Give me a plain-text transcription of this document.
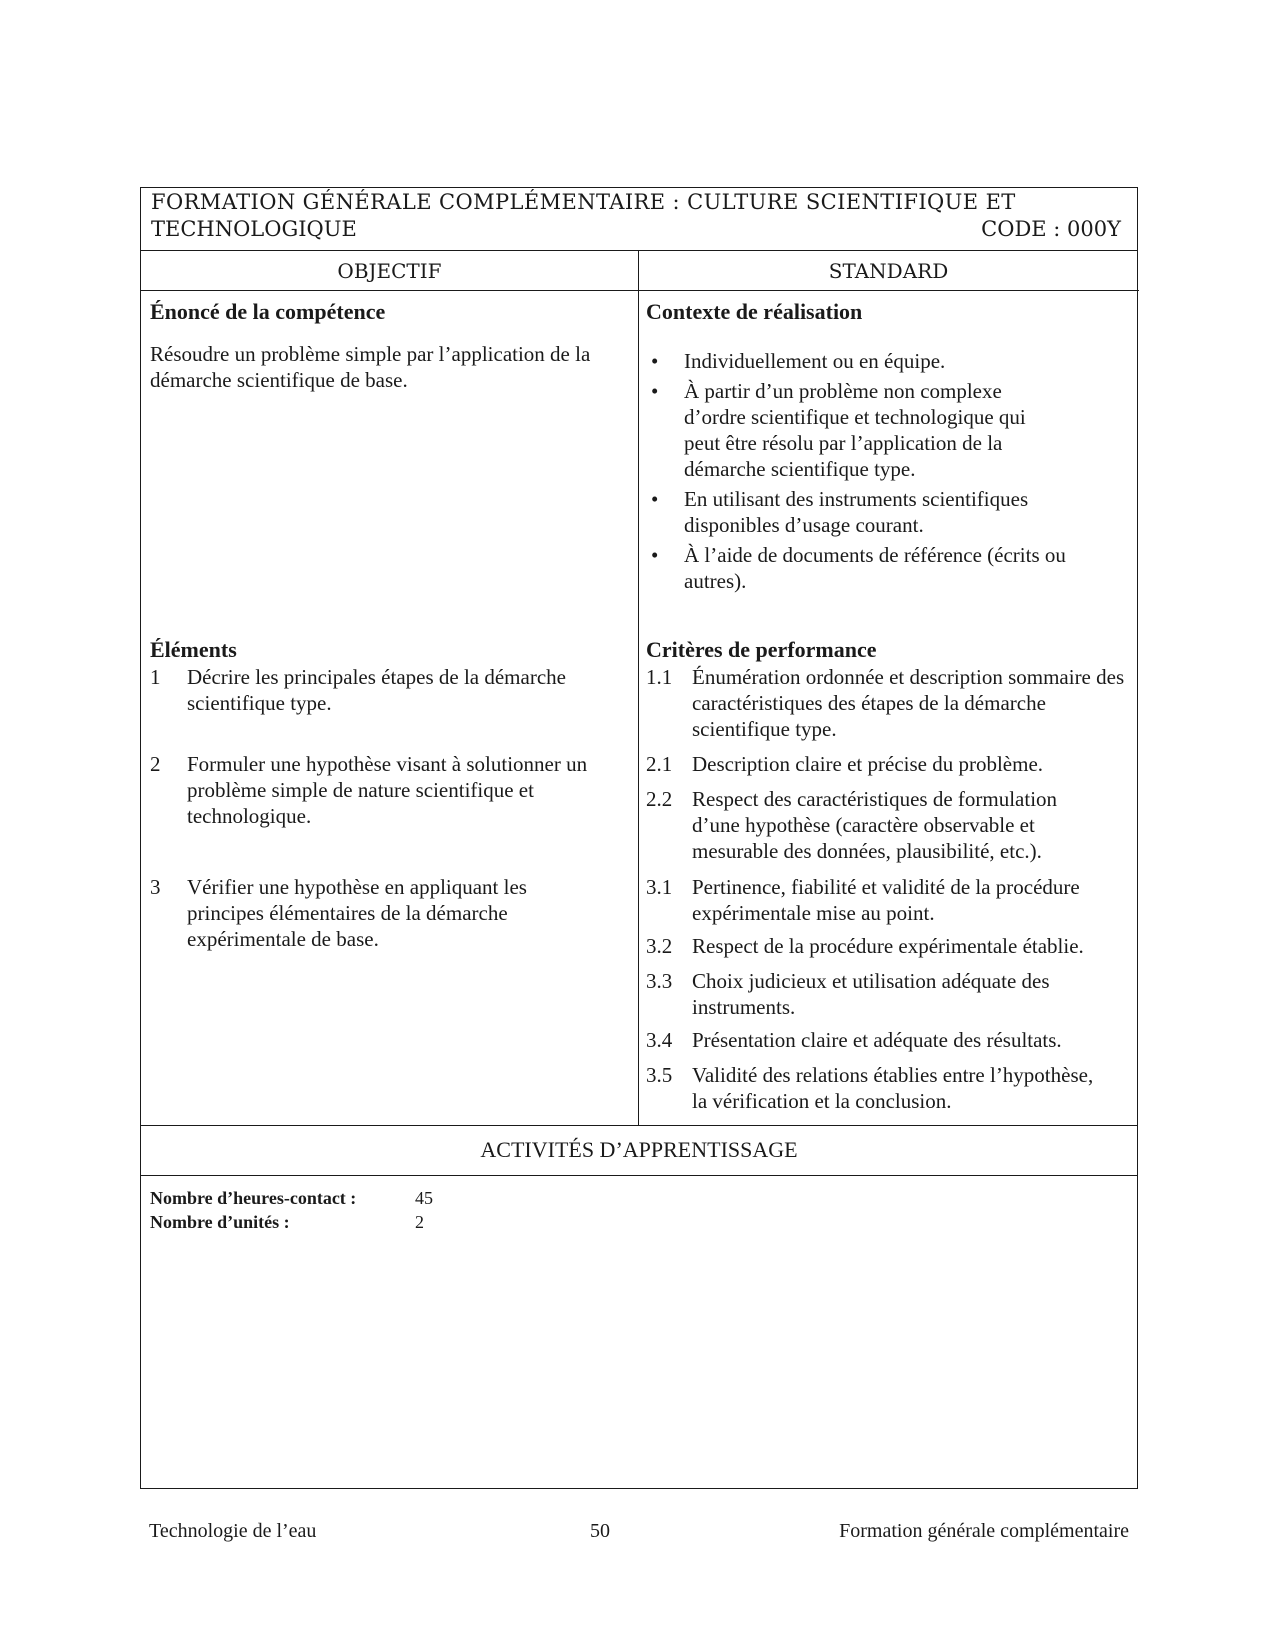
FORMATION GÉNÉRALE COMPLÉMENTAIRE : CULTURE SCIENTIFIQUE ET
TECHNOLOGIQUE	CODE : 000Y
OBJECTIF	STANDARD
Énoncé de la compétence
Résoudre un problème simple par l’application de la démarche scientifique de base.
Contexte de réalisation
• Individuellement ou en équipe.
• À partir d’un problème non complexe d’ordre scientifique et technologique qui peut être résolu par l’application de la démarche scientifique type.
• En utilisant des instruments scientifiques disponibles d’usage courant.
• À l’aide de documents de référence (écrits ou autres).
Éléments
1 Décrire les principales étapes de la démarche scientifique type.
2 Formuler une hypothèse visant à solutionner un problème simple de nature scientifique et technologique.
3 Vérifier une hypothèse en appliquant les principes élémentaires de la démarche expérimentale de base.
Critères de performance
1.1 Énumération ordonnée et description sommaire des caractéristiques des étapes de la démarche scientifique type.
2.1 Description claire et précise du problème.
2.2 Respect des caractéristiques de formulation d’une hypothèse (caractère observable et mesurable des données, plausibilité, etc.).
3.1 Pertinence, fiabilité et validité de la procédure expérimentale mise au point.
3.2 Respect de la procédure expérimentale établie.
3.3 Choix judicieux et utilisation adéquate des instruments.
3.4 Présentation claire et adéquate des résultats.
3.5 Validité des relations établies entre l’hypothèse, la vérification et la conclusion.
ACTIVITÉS D’APPRENTISSAGE
Nombre d’heures-contact :	45
Nombre d’unités :	2
Technologie de l’eau	50	Formation générale complémentaire
